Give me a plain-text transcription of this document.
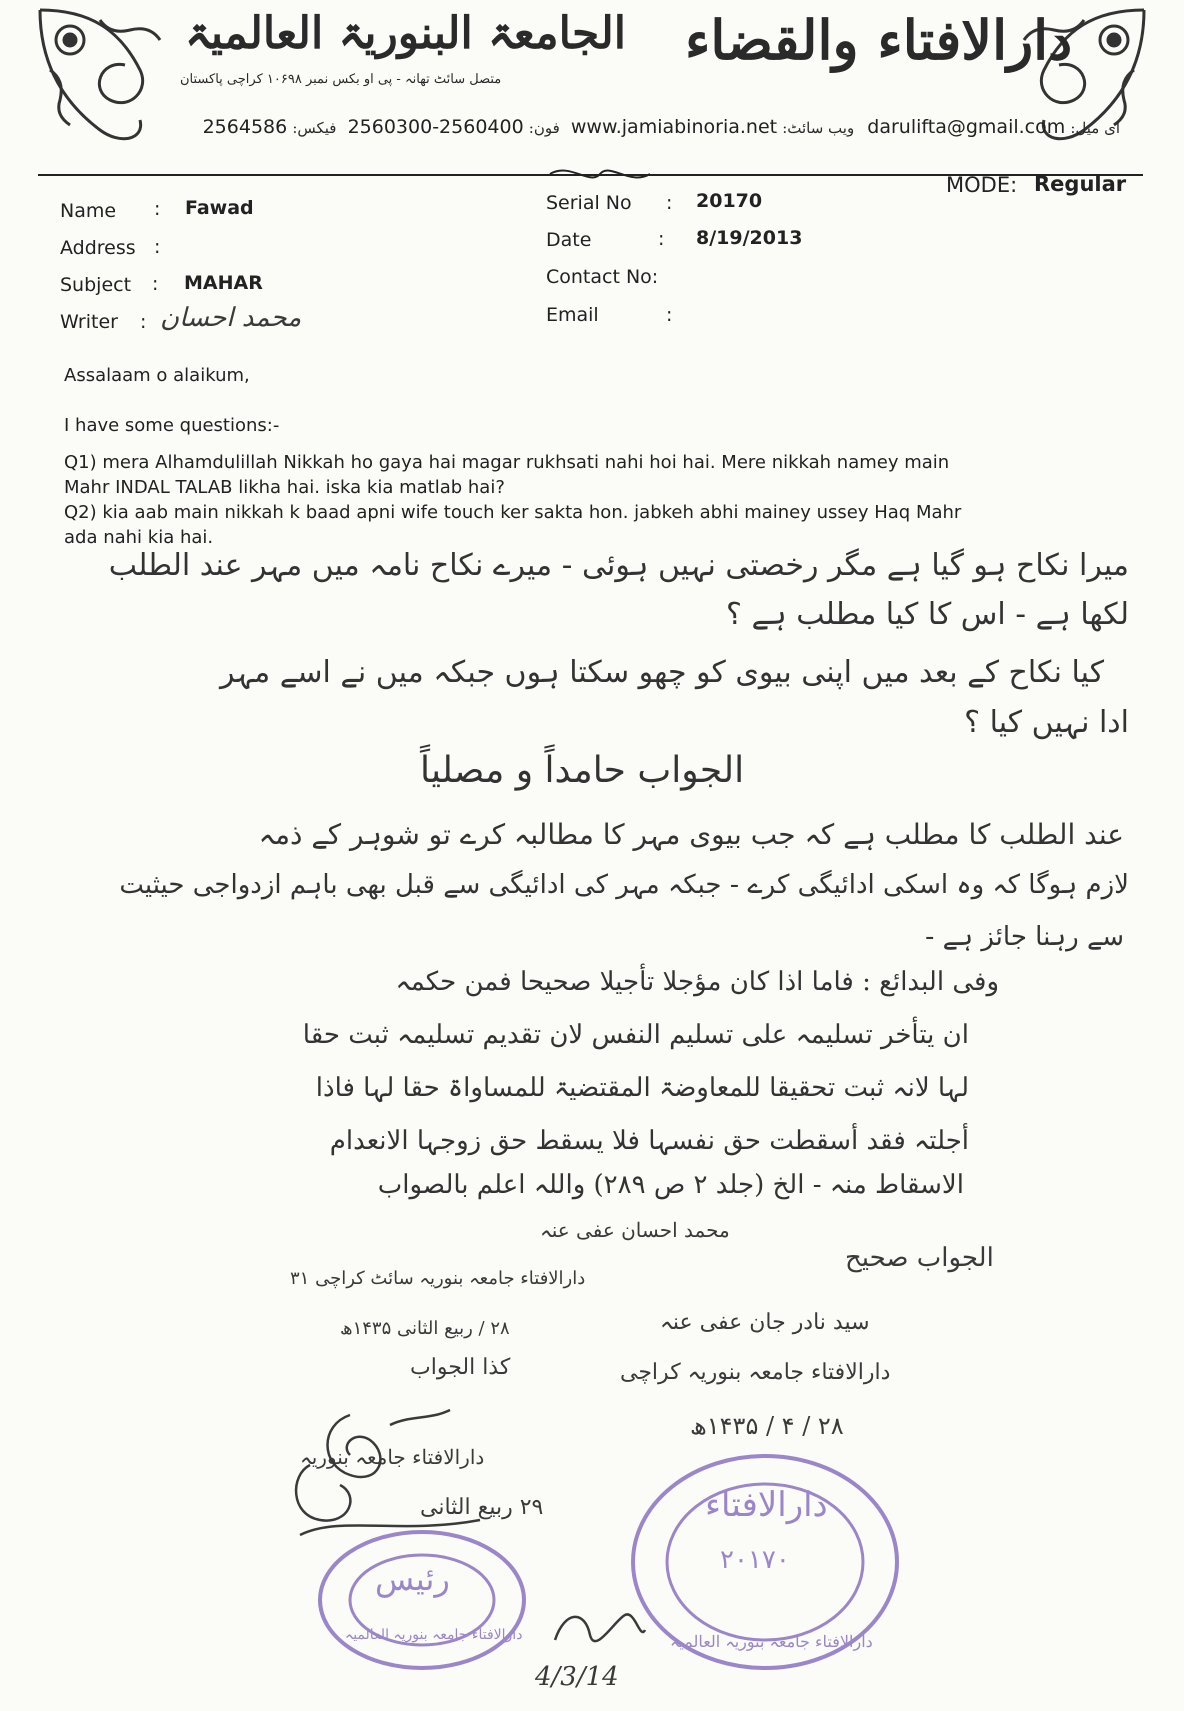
الجامعۃ البنوریۃ العالمیۃ
متصل سائٹ تھانہ - پی او بکس نمبر ۱۰۶۹۸ کراچی پاکستان
دارالافتاء والقضاء
ای میل: darulifta@gmail.com ویب سائٹ: www.jamiabinoria.net فون: 2560300-2560400 فیکس: 2564586
Name : Fawad
Address :
Subject : MAHAR
Writer : محمد احسان
Serial No : 20170
Date	: 8/19/2013
Contact No:
Email	:
MODE: Regular
Assalaam o alaikum,
I have some questions:-
Q1) mera Alhamdulillah Nikkah ho gaya hai magar rukhsati nahi hoi hai. Mere nikkah namey main
Mahr INDAL TALAB likha hai. iska kia matlab hai?
Q2) kia aab main nikkah k baad apni wife touch ker sakta hon. jabkeh abhi mainey ussey Haq Mahr
ada nahi kia hai.
میرا نکاح ہو گیا ہے مگر رخصتی نہیں ہوئی - میرے نکاح نامہ میں مہر عند الطلب
لکھا ہے - اس کا کیا مطلب ہے ؟
کیا نکاح کے بعد میں اپنی بیوی کو چھو سکتا ہوں جبکہ میں نے اسے مہر
ادا نہیں کیا ؟
الجواب حامداً و مصلیاً
عند الطلب کا مطلب ہے کہ جب بیوی مہر کا مطالبہ کرے تو شوہر کے ذمہ
لازم ہوگا کہ وہ اسکی ادائیگی کرے - جبکہ مہر کی ادائیگی سے قبل بھی باہم ازدواجی حیثیت
سے رہنا جائز ہے -
وفی البدائع : فاما اذا کان مؤجلا تأجیلا صحیحا فمن حکمہ
ان یتأخر تسلیمہ علی تسلیم النفس لان تقدیم تسلیمہ ثبت حقا
لہا لانہ ثبت تحقیقا للمعاوضۃ المقتضیۃ للمساواۃ حقا لہا فاذا
أجلتہ فقد أسقطت حق نفسہا فلا یسقط حق زوجہا الانعدام
الاسقاط منہ - الخ (جلد ۲ ص ۲۸۹) واللہ اعلم بالصواب
محمد احسان عفی عنہ
دارالافتاء جامعہ بنوریہ سائٹ کراچی ۳۱
۲۸ / ربیع الثانی ۱۴۳۵ھ
الجواب صحیح
سید نادر جان عفی عنہ
دارالافتاء جامعہ بنوریہ کراچی
۲۸ / ۴ / ۱۴۳۵ھ
کذا الجواب
دارالافتاء جامعہ بنوریہ
۲۹ ربیع الثانی
4/3/14
دارالافتاء
۲۰۱۷۰
دارالافتاء جامعہ بنوریہ العالمیہ
رئیس
دارالافتاء جامعہ بنوریہ العالمیہ
